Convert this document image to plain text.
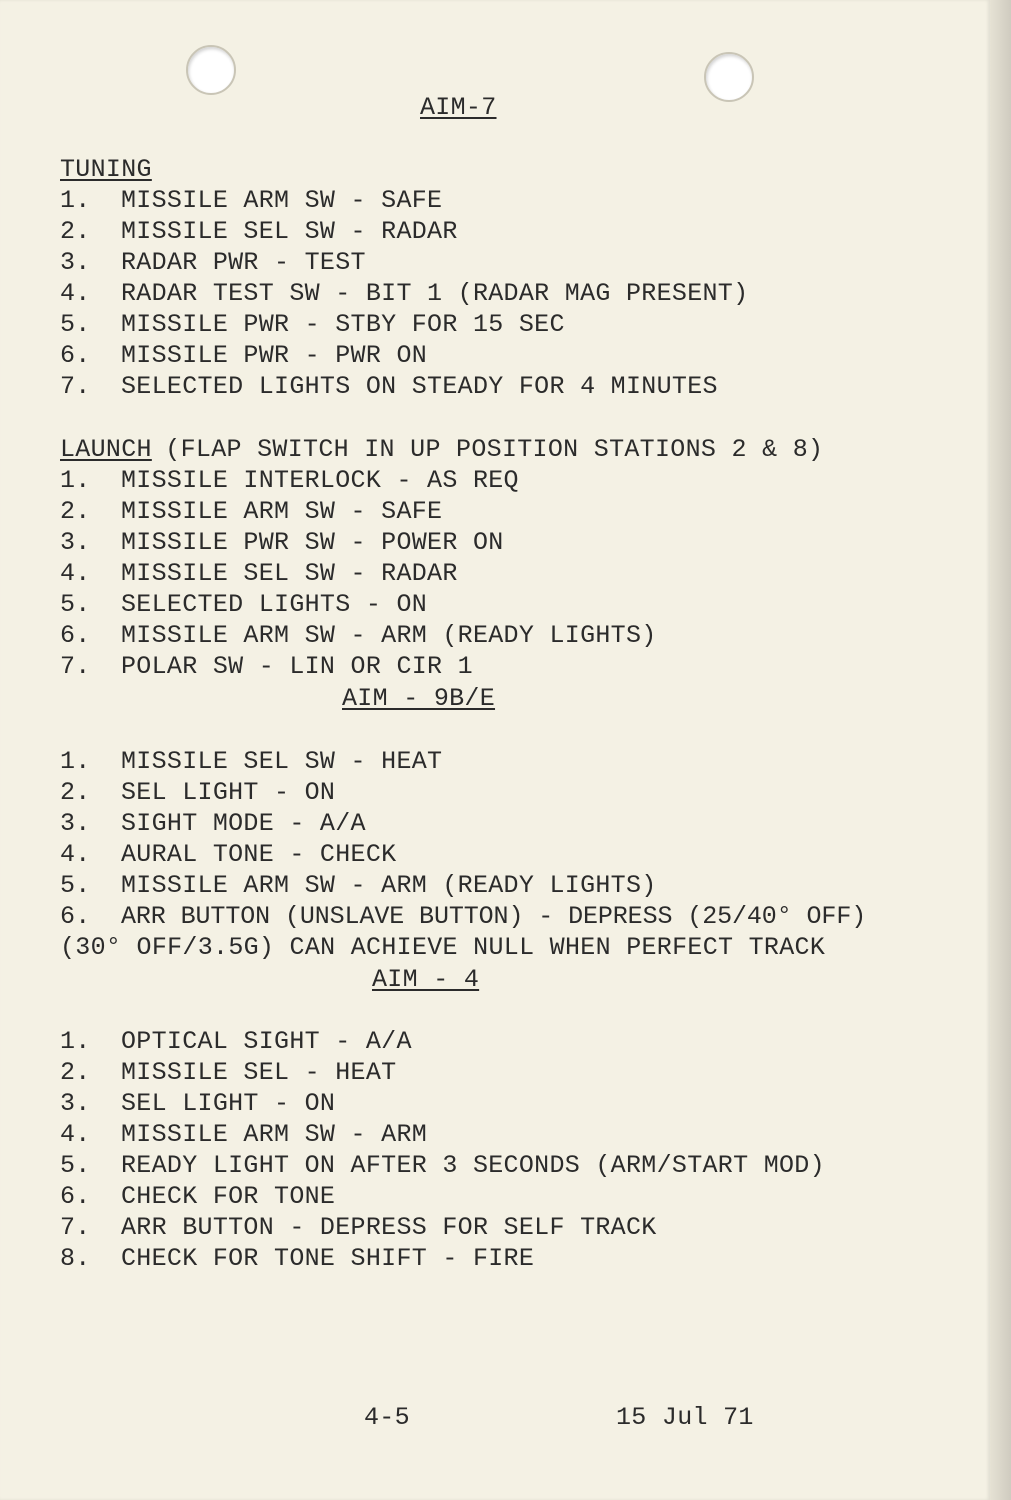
AIM-7
TUNING
1. MISSILE ARM SW - SAFE
2. MISSILE SEL SW - RADAR
3. RADAR PWR - TEST
4. RADAR TEST SW - BIT 1 (RADAR MAG PRESENT)
5. MISSILE PWR - STBY FOR 15 SEC
6. MISSILE PWR - PWR ON
7. SELECTED LIGHTS ON STEADY FOR 4 MINUTES
LAUNCH
(FLAP SWITCH IN UP POSITION STATIONS 2 & 8)
1. MISSILE INTERLOCK - AS REQ
2. MISSILE ARM SW - SAFE
3. MISSILE PWR SW - POWER ON
4. MISSILE SEL SW - RADAR
5. SELECTED LIGHTS - ON
6. MISSILE ARM SW - ARM (READY LIGHTS)
7. POLAR SW - LIN OR CIR 1
AIM - 9B/E
1. MISSILE SEL SW - HEAT
2. SEL LIGHT - ON
3. SIGHT MODE - A/A
4. AURAL TONE - CHECK
5. MISSILE ARM SW - ARM (READY LIGHTS)
6. ARR BUTTON (UNSLAVE BUTTON) - DEPRESS (25/40° OFF)
(30° OFF/3.5G) CAN ACHIEVE NULL WHEN PERFECT TRACK
AIM - 4
1. OPTICAL SIGHT - A/A
2. MISSILE SEL - HEAT
3. SEL LIGHT - ON
4. MISSILE ARM SW - ARM
5. READY LIGHT ON AFTER 3 SECONDS (ARM/START MOD)
6. CHECK FOR TONE
7. ARR BUTTON - DEPRESS FOR SELF TRACK
8. CHECK FOR TONE SHIFT - FIRE
4-5	15 Jul 71
